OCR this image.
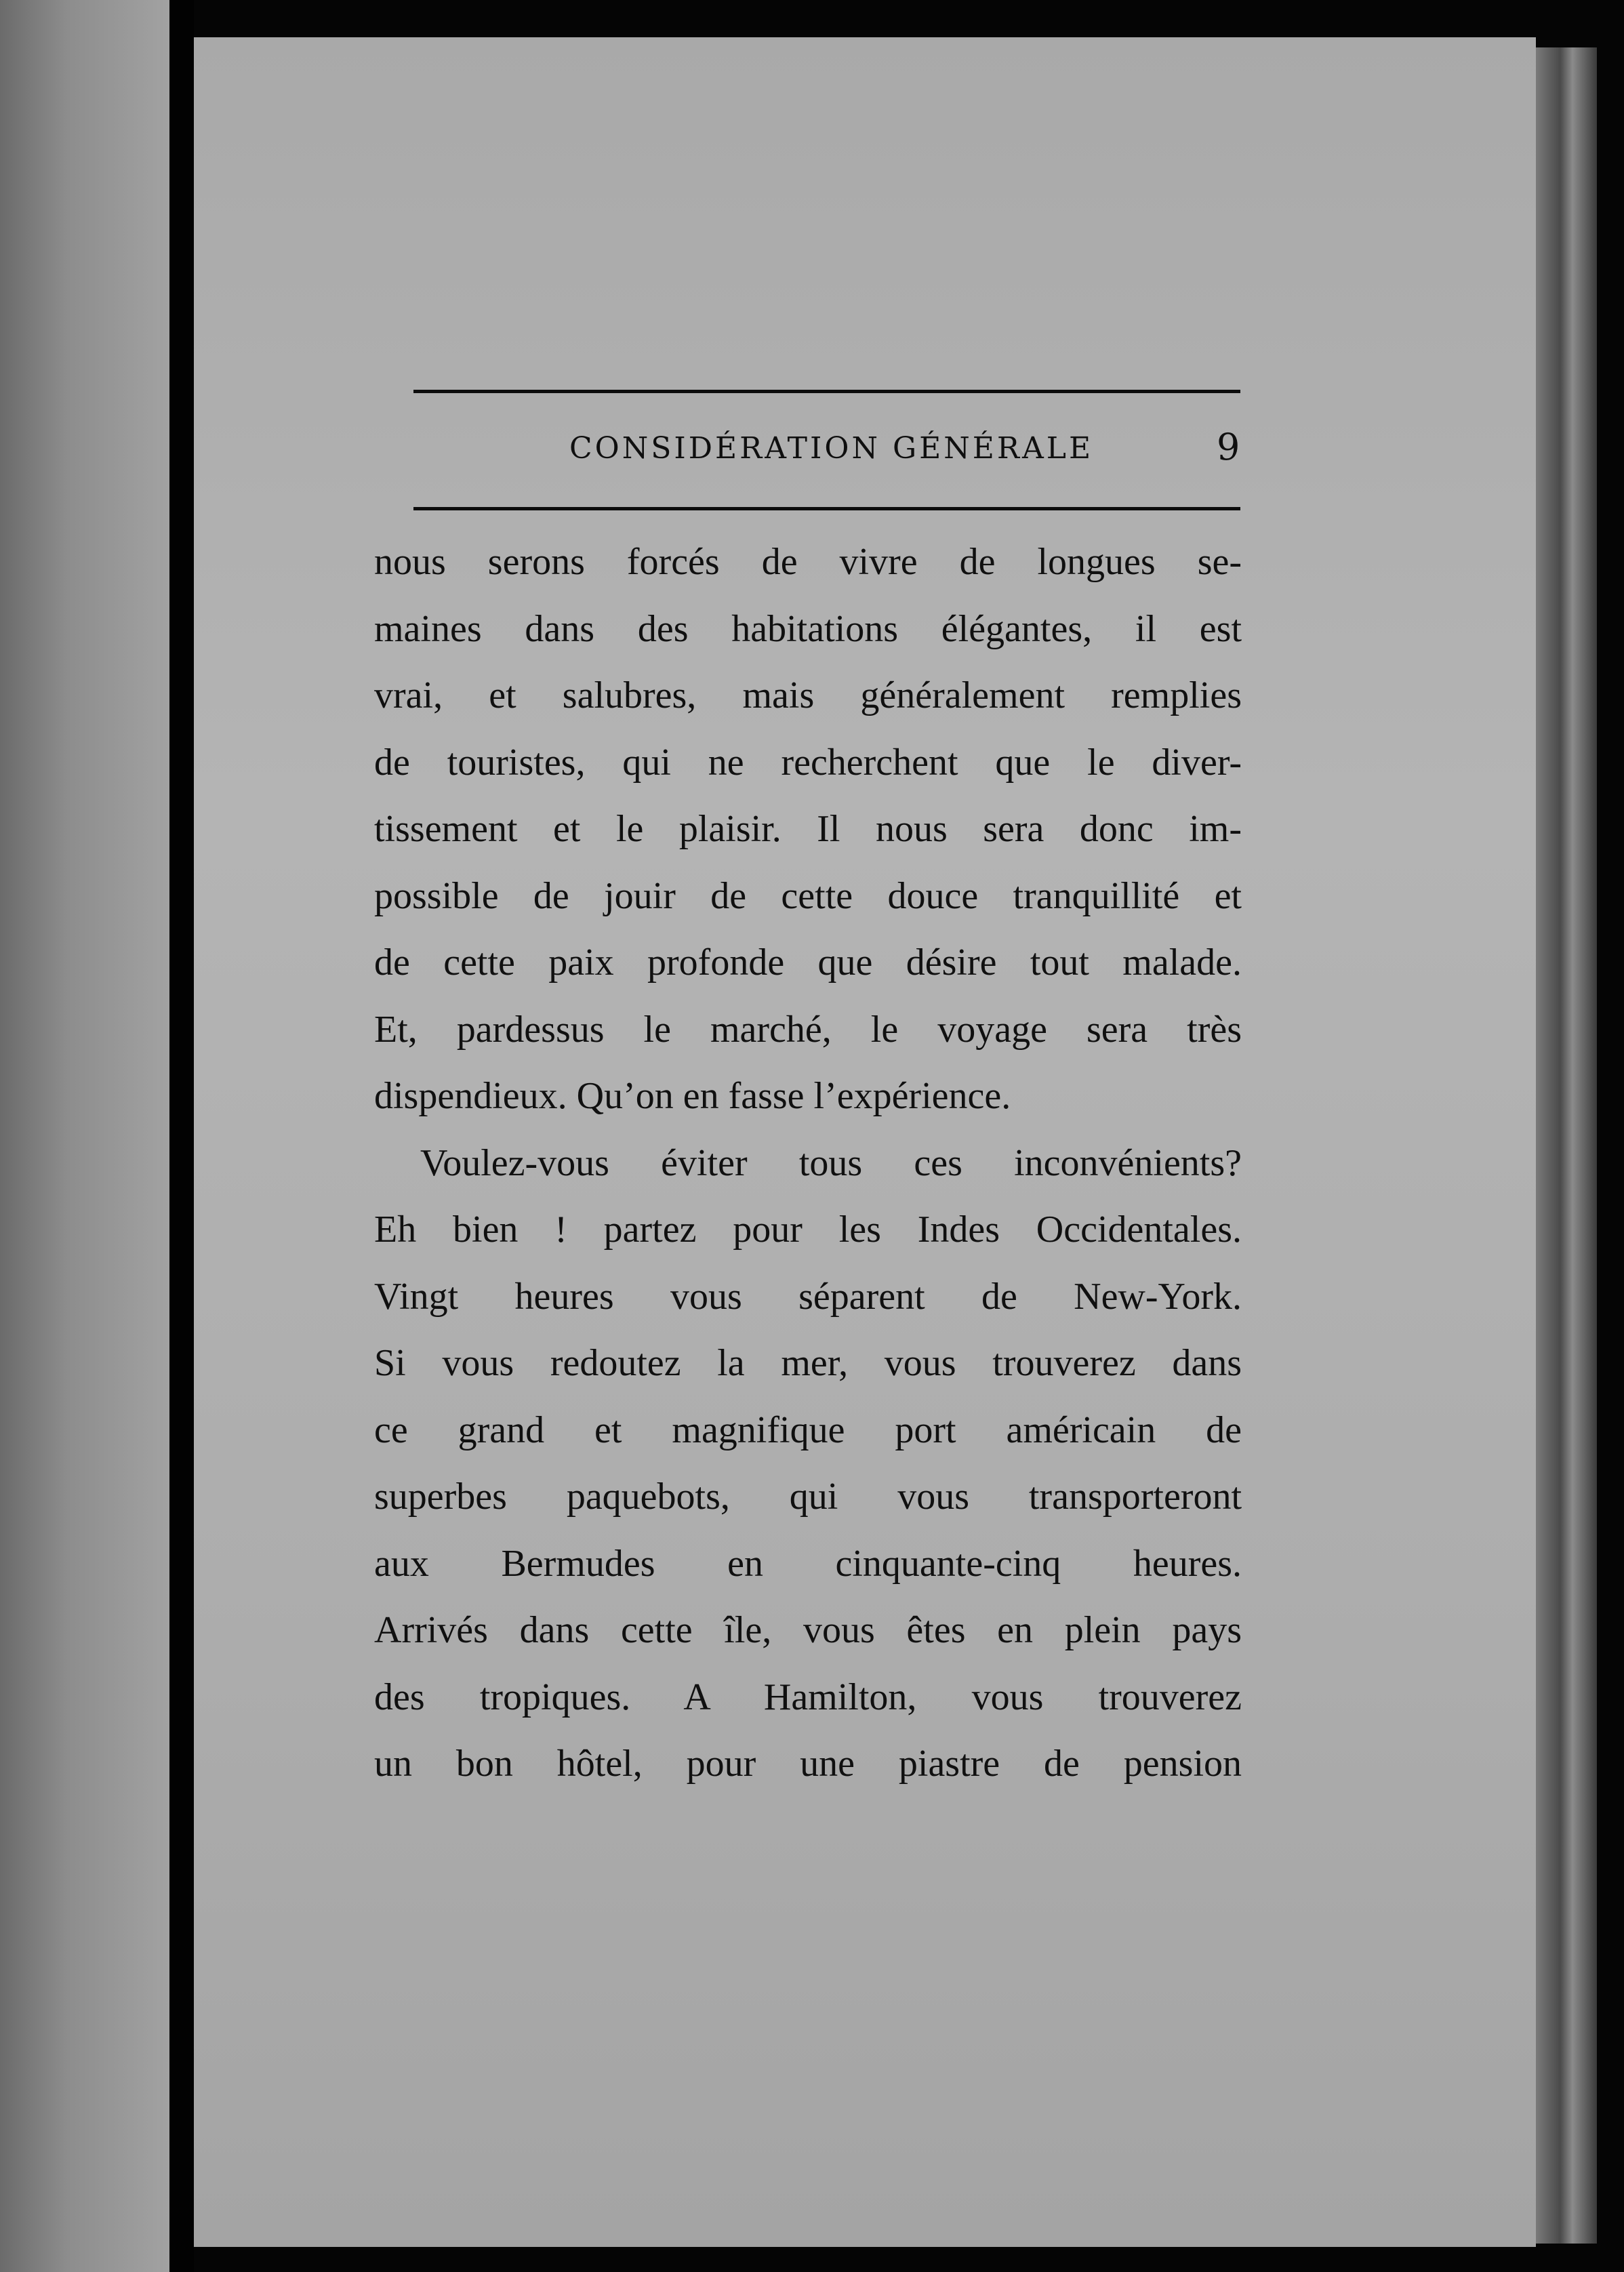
CONSIDÉRATION GÉNÉRALE	9
nous serons forcés de vivre de longues se-
maines dans des habitations élégantes, il est
vrai, et salubres, mais généralement remplies
de touristes, qui ne recherchent que le diver-
tissement et le plaisir. Il nous sera donc im-
possible de jouir de cette douce tranquillité et
de cette paix profonde que désire tout malade.
Et, pardessus le marché, le voyage sera très
dispendieux. Qu’on en fasse l’expérience.
Voulez-vous éviter tous ces inconvénients?
Eh bien ! partez pour les Indes Occidentales.
Vingt heures vous séparent de New-York.
Si vous redoutez la mer, vous trouverez dans
ce grand et magnifique port américain de
superbes paquebots, qui vous transporteront
aux Bermudes en cinquante-cinq heures.
Arrivés dans cette île, vous êtes en plein pays
des tropiques. A Hamilton, vous trouverez
un bon hôtel, pour une piastre de pension
